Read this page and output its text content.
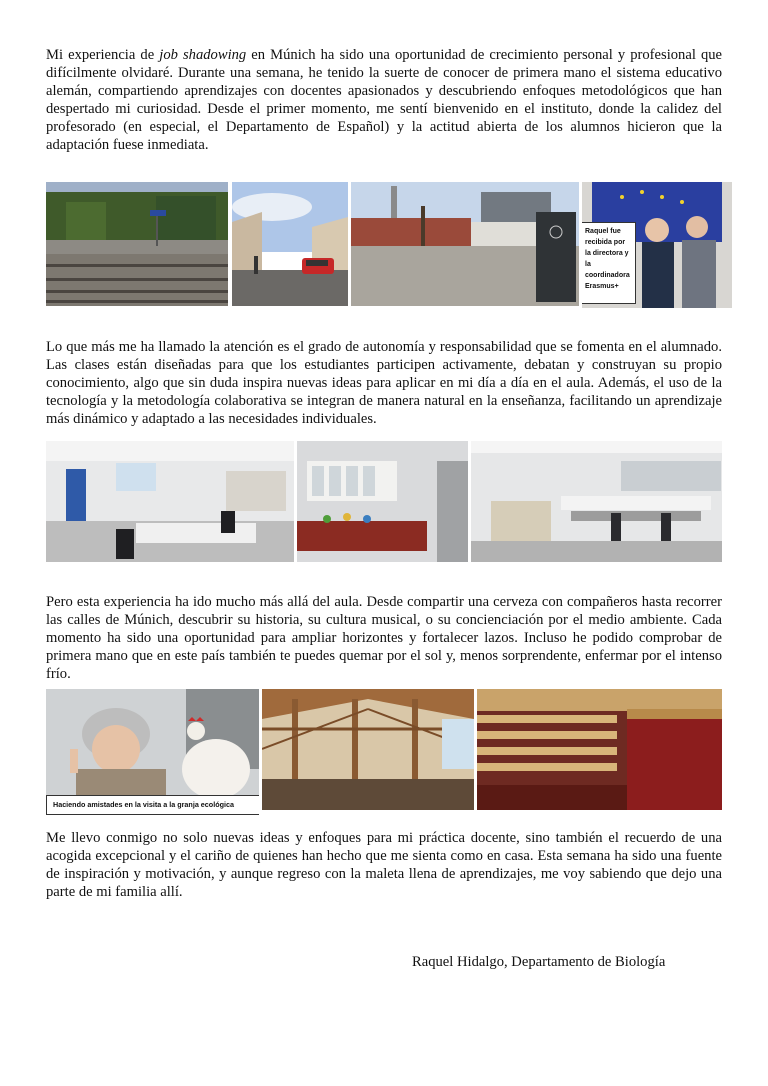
Mi experiencia de job shadowing en Múnich ha sido una oportunidad de crecimiento personal y profesional que difícilmente olvidaré. Durante una semana, he tenido la suerte de conocer de primera mano el sistema educativo alemán, compartiendo aprendizajes con docentes apasionados y descubriendo enfoques metodológicos que han despertado mi curiosidad. Desde el primer momento, me sentí bienvenido en el instituto, donde la calidez del profesorado (en especial, el Departamento de Español) y la actitud abierta de los alumnos hicieron que la adaptación fuese inmediata.

Raquel fue recibida por la directora y la coordinadora Erasmus+

Lo que más me ha llamado la atención es el grado de autonomía y responsabilidad que se fomenta en el alumnado. Las clases están diseñadas para que los estudiantes participen activamente, debatan y construyan su propio conocimiento, algo que sin duda inspira nuevas ideas para aplicar en mi día a día en el aula. Además, el uso de la tecnología y la metodología colaborativa se integran de manera natural en la enseñanza, facilitando un aprendizaje más dinámico y adaptado a las necesidades individuales.

Pero esta experiencia ha ido mucho más allá del aula. Desde compartir una cerveza con compañeros hasta recorrer las calles de Múnich, descubrir su historia, su cultura musical, o su concienciación por el medio ambiente. Cada momento ha sido una oportunidad para ampliar horizontes y fortalecer lazos. Incluso he podido comprobar de primera mano que en este país también te puedes quemar por el sol y, menos sorprendente, enfermar por el intenso frío.

Haciendo amistades en la visita a la granja ecológica

Me llevo conmigo no solo nuevas ideas y enfoques para mi práctica docente, sino también el recuerdo de una acogida excepcional y el cariño de quienes han hecho que me sienta como en casa. Esta semana ha sido una fuente de inspiración y motivación, y aunque regreso con la maleta llena de aprendizajes, me voy sabiendo que dejo una parte de mi familia allí.

Raquel Hidalgo, Departamento de Biología
